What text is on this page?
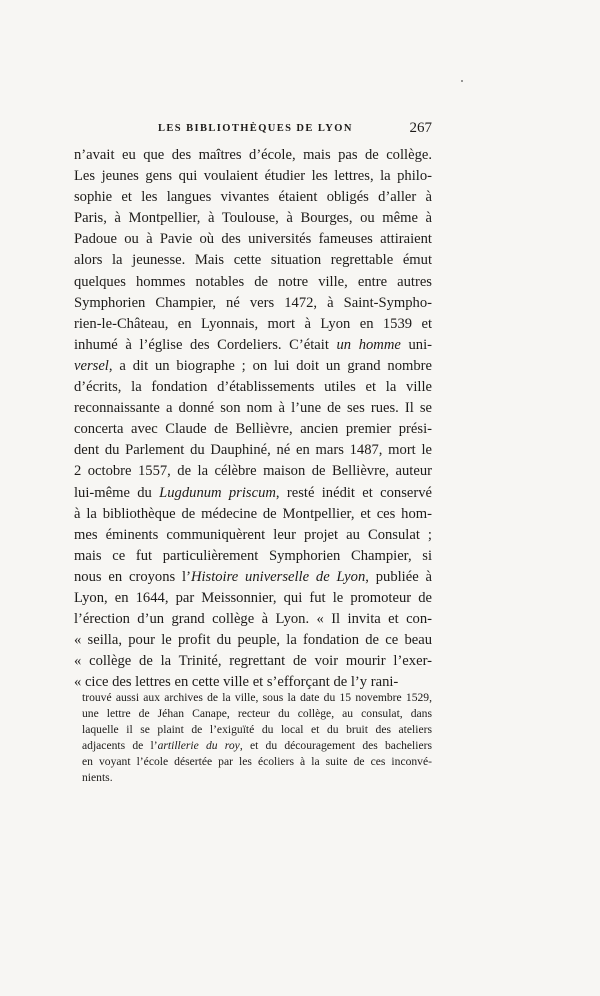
LES BIBLIOTHÈQUES DE LYON	267
n’avait eu que des maîtres d’école, mais pas de collège.
Les jeunes gens qui voulaient étudier les lettres, la philo-
sophie et les langues vivantes étaient obligés d’aller à
Paris, à Montpellier, à Toulouse, à Bourges, ou même à
Padoue ou à Pavie où des universités fameuses attiraient
alors la jeunesse. Mais cette situation regrettable émut
quelques hommes notables de notre ville, entre autres
Symphorien Champier, né vers 1472, à Saint-Sympho-
rien-le-Château, en Lyonnais, mort à Lyon en 1539 et
inhumé à l’église des Cordeliers. C’était un homme uni-
versel, a dit un biographe ; on lui doit un grand nombre
d’écrits, la fondation d’établissements utiles et la ville
reconnaissante a donné son nom à l’une de ses rues. Il se
concerta avec Claude de Bellièvre, ancien premier prési-
dent du Parlement du Dauphiné, né en mars 1487, mort le
2 octobre 1557, de la célèbre maison de Bellièvre, auteur
lui-même du Lugdunum priscum, resté inédit et conservé
à la bibliothèque de médecine de Montpellier, et ces hom-
mes éminents communiquèrent leur projet au Consulat ;
mais ce fut particulièrement Symphorien Champier, si
nous en croyons l’Histoire universelle de Lyon, publiée à
Lyon, en 1644, par Meissonnier, qui fut le promoteur de
l’érection d’un grand collège à Lyon. « Il invita et con-
« seilla, pour le profit du peuple, la fondation de ce beau
« collège de la Trinité, regrettant de voir mourir l’exer-
« cice des lettres en cette ville et s’efforçant de l’y rani-
trouvé aussi aux archives de la ville, sous la date du 15 novembre 1529,
une lettre de Jéhan Canape, recteur du collège, au consulat, dans
laquelle il se plaint de l’exiguïté du local et du bruit des ateliers
adjacents de l’artillerie du roy, et du découragement des bacheliers
en voyant l’école désertée par les écoliers à la suite de ces inconvé-
nients.
